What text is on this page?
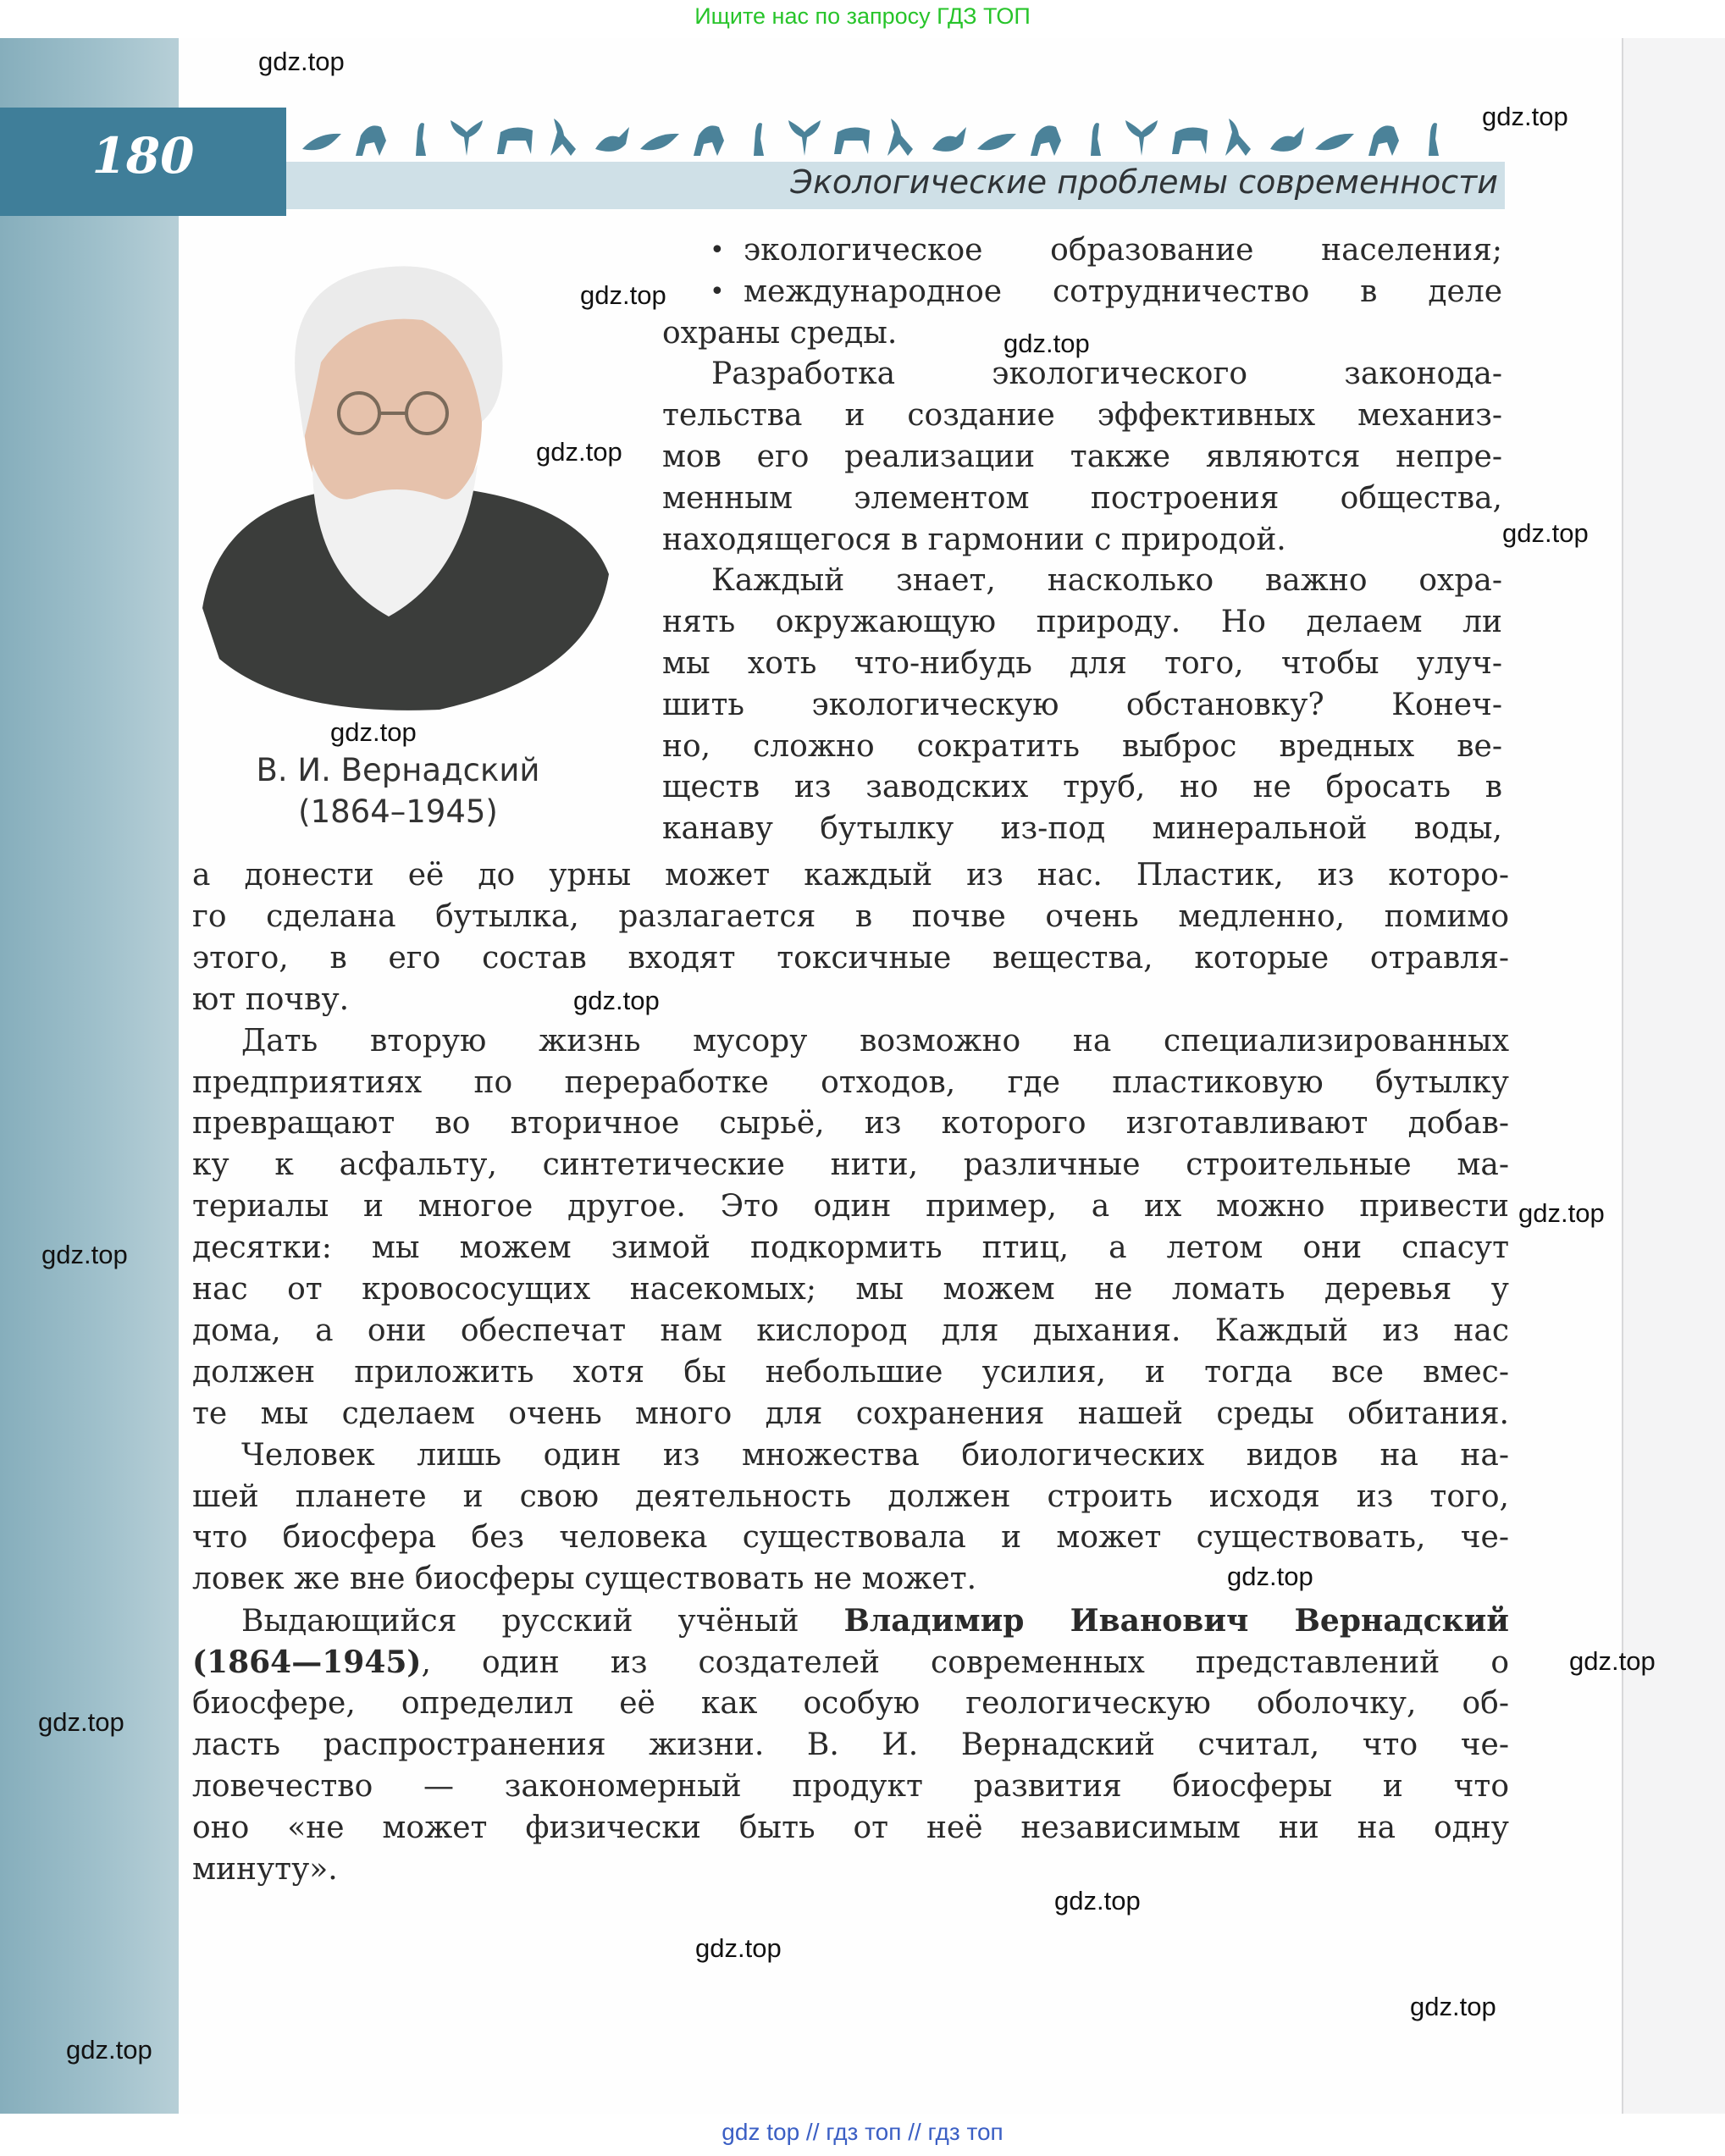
Ищите нас по запросу ГДЗ ТОП
Экологические проблемы современности
180
В. И. Вернадский
(1864–1945)
• экологическое образование населения;
• международное сотрудничество в деле
охраны среды.
Разработка экологического законода-
тельства и создание эффективных механиз-
мов его реализации также являются непре-
менным элементом построения общества,
находящегося в гармонии с природой.
Каждый знает, насколько важно охра-
нять окружающую природу. Но делаем ли
мы хоть что-нибудь для того, чтобы улуч-
шить экологическую обстановку? Конеч-
но, сложно сократить выброс вредных ве-
ществ из заводских труб, но не бросать в
канаву бутылку из-под минеральной воды,
а донести её до урны может каждый из нас. Пластик, из которо-
го сделана бутылка, разлагается в почве очень медленно, помимо
этого, в его состав входят токсичные вещества, которые отравля-
ют почву.
Дать вторую жизнь мусору возможно на специализированных
предприятиях по переработке отходов, где пластиковую бутылку
превращают во вторичное сырьё, из которого изготавливают добав-
ку к асфальту, синтетические нити, различные строительные ма-
териалы и многое другое. Это один пример, а их можно привести
десятки: мы можем зимой подкормить птиц, а летом они спасут
нас от кровососущих насекомых; мы можем не ломать деревья у
дома, а они обеспечат нам кислород для дыхания. Каждый из нас
должен приложить хотя бы небольшие усилия, и тогда все вмес-
те мы сделаем очень много для сохранения нашей среды обитания.
Человек лишь один из множества биологических видов на на-
шей планете и свою деятельность должен строить исходя из того,
что биосфера без человека существовала и может существовать, че-
ловек же вне биосферы существовать не может.
Выдающийся русский учёный Владимир Иванович Вернадский
(1864—1945), один из создателей современных представлений о
биосфере, определил её как особую геологическую оболочку, об-
ласть распространения жизни. В. И. Вернадский считал, что че-
ловечество — закономерный продукт развития биосферы и что
оно «не может физически быть от неё независимым ни на одну
минуту».
gdz.top
gdz.top
gdz.top
gdz.top
gdz.top
gdz.top
gdz.top
gdz.top
gdz.top
gdz.top
gdz.top
gdz.top
gdz.top
gdz.top
gdz.top
gdz.top
gdz.top
gdz top // гдз топ // гдз топ
